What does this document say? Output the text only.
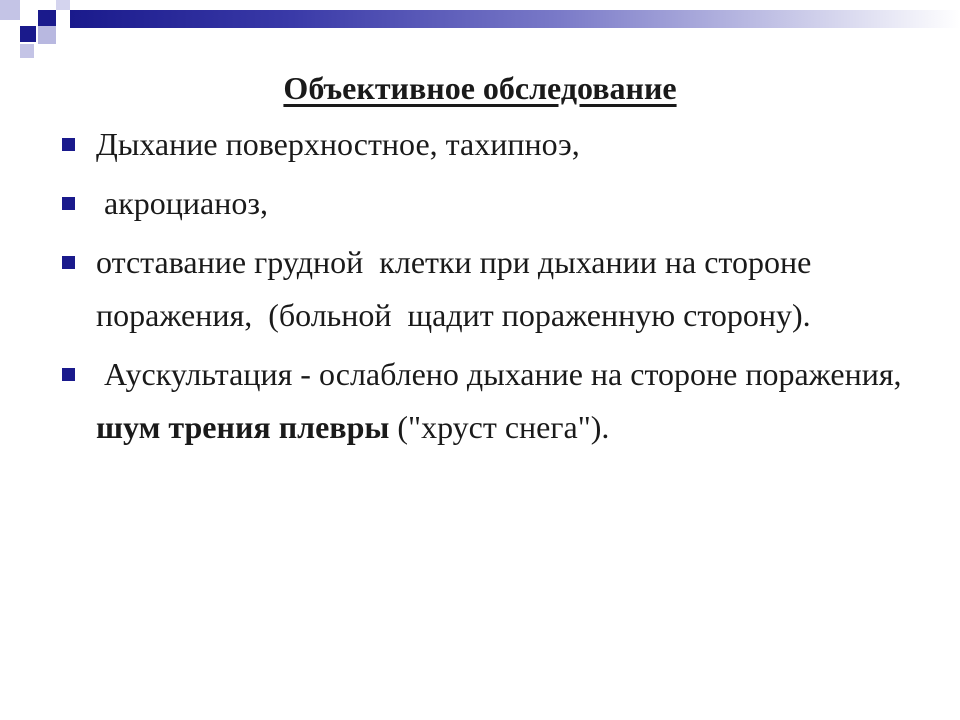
Объективное обследование
Дыхание поверхностное, тахипноэ,
акроцианоз,
отставание грудной  клетки при дыхании на стороне поражения,  (больной  щадит пораженную сторону).
Аускультация - ослаблено дыхание на стороне поражения, шум трения плевры ("хруст снега").
